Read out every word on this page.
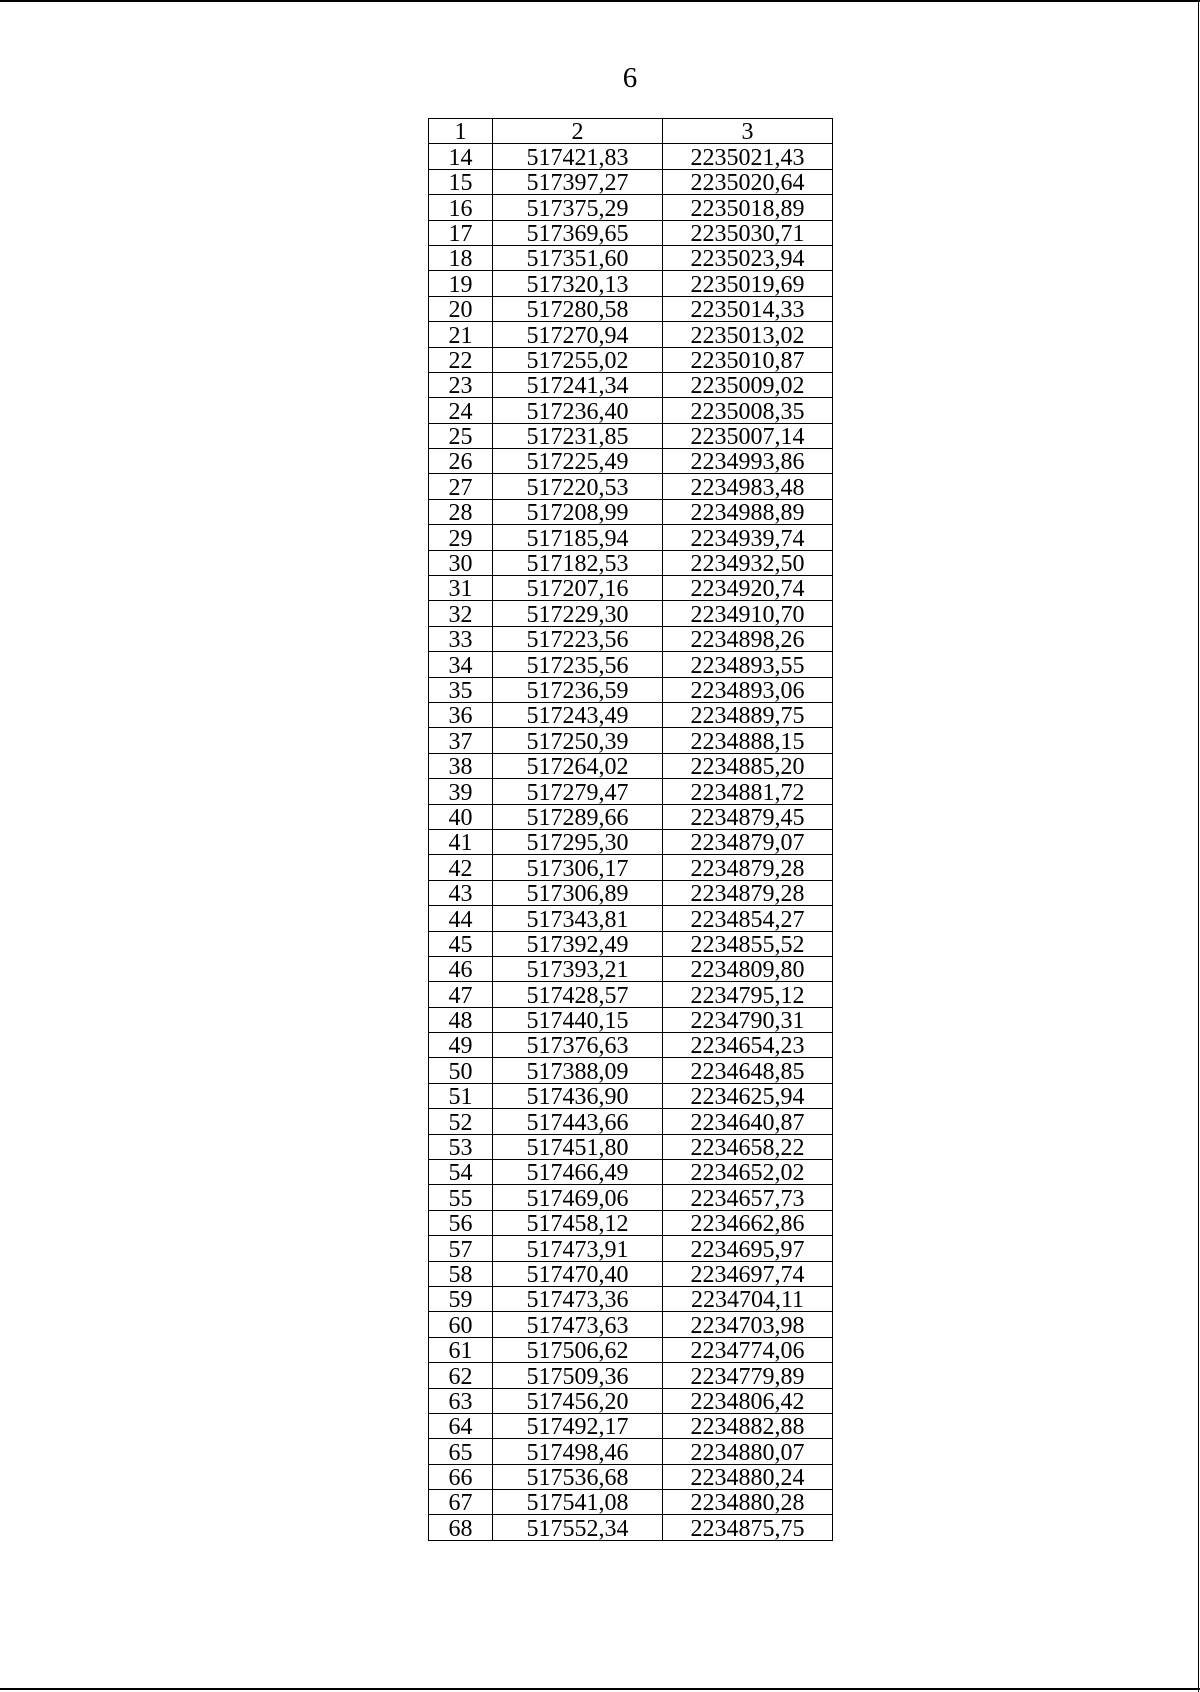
6
1	2	3
14	517421,83	2235021,43
15	517397,27	2235020,64
16	517375,29	2235018,89
17	517369,65	2235030,71
18	517351,60	2235023,94
19	517320,13	2235019,69
20	517280,58	2235014,33
21	517270,94	2235013,02
22	517255,02	2235010,87
23	517241,34	2235009,02
24	517236,40	2235008,35
25	517231,85	2235007,14
26	517225,49	2234993,86
27	517220,53	2234983,48
28	517208,99	2234988,89
29	517185,94	2234939,74
30	517182,53	2234932,50
31	517207,16	2234920,74
32	517229,30	2234910,70
33	517223,56	2234898,26
34	517235,56	2234893,55
35	517236,59	2234893,06
36	517243,49	2234889,75
37	517250,39	2234888,15
38	517264,02	2234885,20
39	517279,47	2234881,72
40	517289,66	2234879,45
41	517295,30	2234879,07
42	517306,17	2234879,28
43	517306,89	2234879,28
44	517343,81	2234854,27
45	517392,49	2234855,52
46	517393,21	2234809,80
47	517428,57	2234795,12
48	517440,15	2234790,31
49	517376,63	2234654,23
50	517388,09	2234648,85
51	517436,90	2234625,94
52	517443,66	2234640,87
53	517451,80	2234658,22
54	517466,49	2234652,02
55	517469,06	2234657,73
56	517458,12	2234662,86
57	517473,91	2234695,97
58	517470,40	2234697,74
59	517473,36	2234704,11
60	517473,63	2234703,98
61	517506,62	2234774,06
62	517509,36	2234779,89
63	517456,20	2234806,42
64	517492,17	2234882,88
65	517498,46	2234880,07
66	517536,68	2234880,24
67	517541,08	2234880,28
68	517552,34	2234875,75
